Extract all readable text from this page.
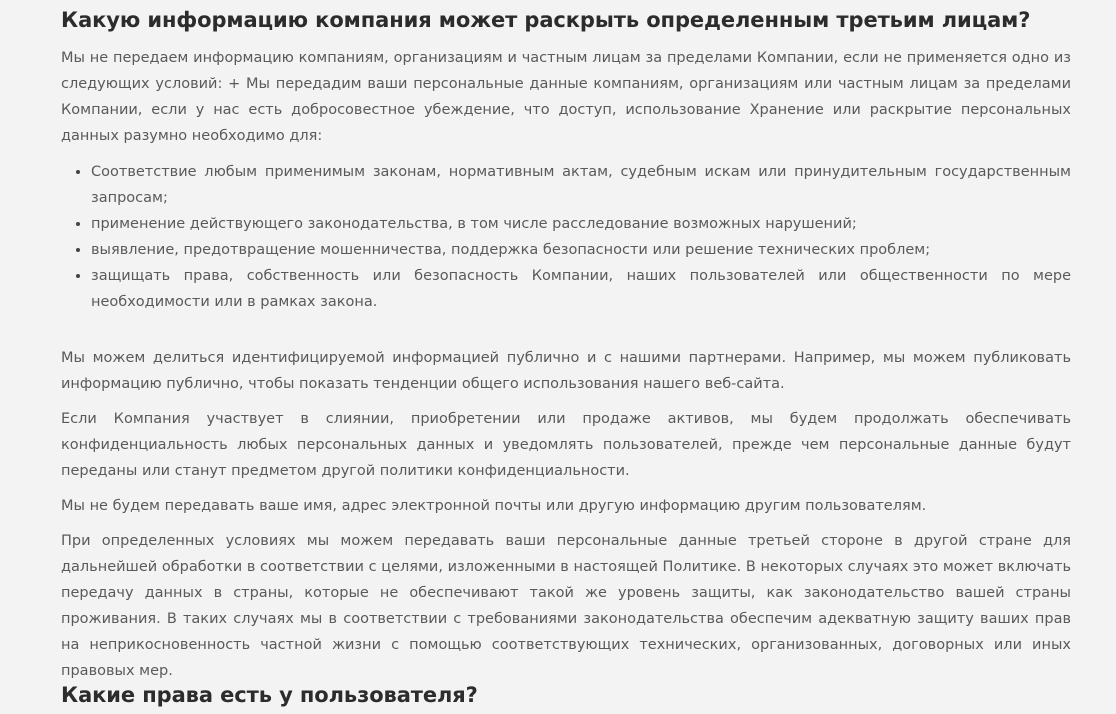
Какую информацию компания может раскрыть определенным третьим лицам?

Мы не передаем информацию компаниям, организациям и частным лицам за пределами Компании, если не применяется одно из следующих условий: + Мы передадим ваши персональные данные компаниям, организациям или частным лицам за пределами Компании, если у нас есть добросовестное убеждение, что доступ, использование Хранение или раскрытие персональных данных разумно необходимо для:

• Соответствие любым применимым законам, нормативным актам, судебным искам или принудительным государственным запросам;
• применение действующего законодательства, в том числе расследование возможных нарушений;
• выявление, предотвращение мошенничества, поддержка безопасности или решение технических проблем;
• защищать права, собственность или безопасность Компании, наших пользователей или общественности по мере необходимости или в рамках закона.

Мы можем делиться идентифицируемой информацией публично и с нашими партнерами. Например, мы можем публиковать информацию публично, чтобы показать тенденции общего использования нашего веб-сайта.

Если Компания участвует в слиянии, приобретении или продаже активов, мы будем продолжать обеспечивать конфиденциальность любых персональных данных и уведомлять пользователей, прежде чем персональные данные будут переданы или станут предметом другой политики конфиденциальности.

Мы не будем передавать ваше имя, адрес электронной почты или другую информацию другим пользователям.

При определенных условиях мы можем передавать ваши персональные данные третьей стороне в другой стране для дальнейшей обработки в соответствии с целями, изложенными в настоящей Политике. В некоторых случаях это может включать передачу данных в страны, которые не обеспечивают такой же уровень защиты, как законодательство вашей страны проживания. В таких случаях мы в соответствии с требованиями законодательства обеспечим адекватную защиту ваших прав на неприкосновенность частной жизни с помощью соответствующих технических, организованных, договорных или иных правовых мер.

Какие права есть у пользователя?
